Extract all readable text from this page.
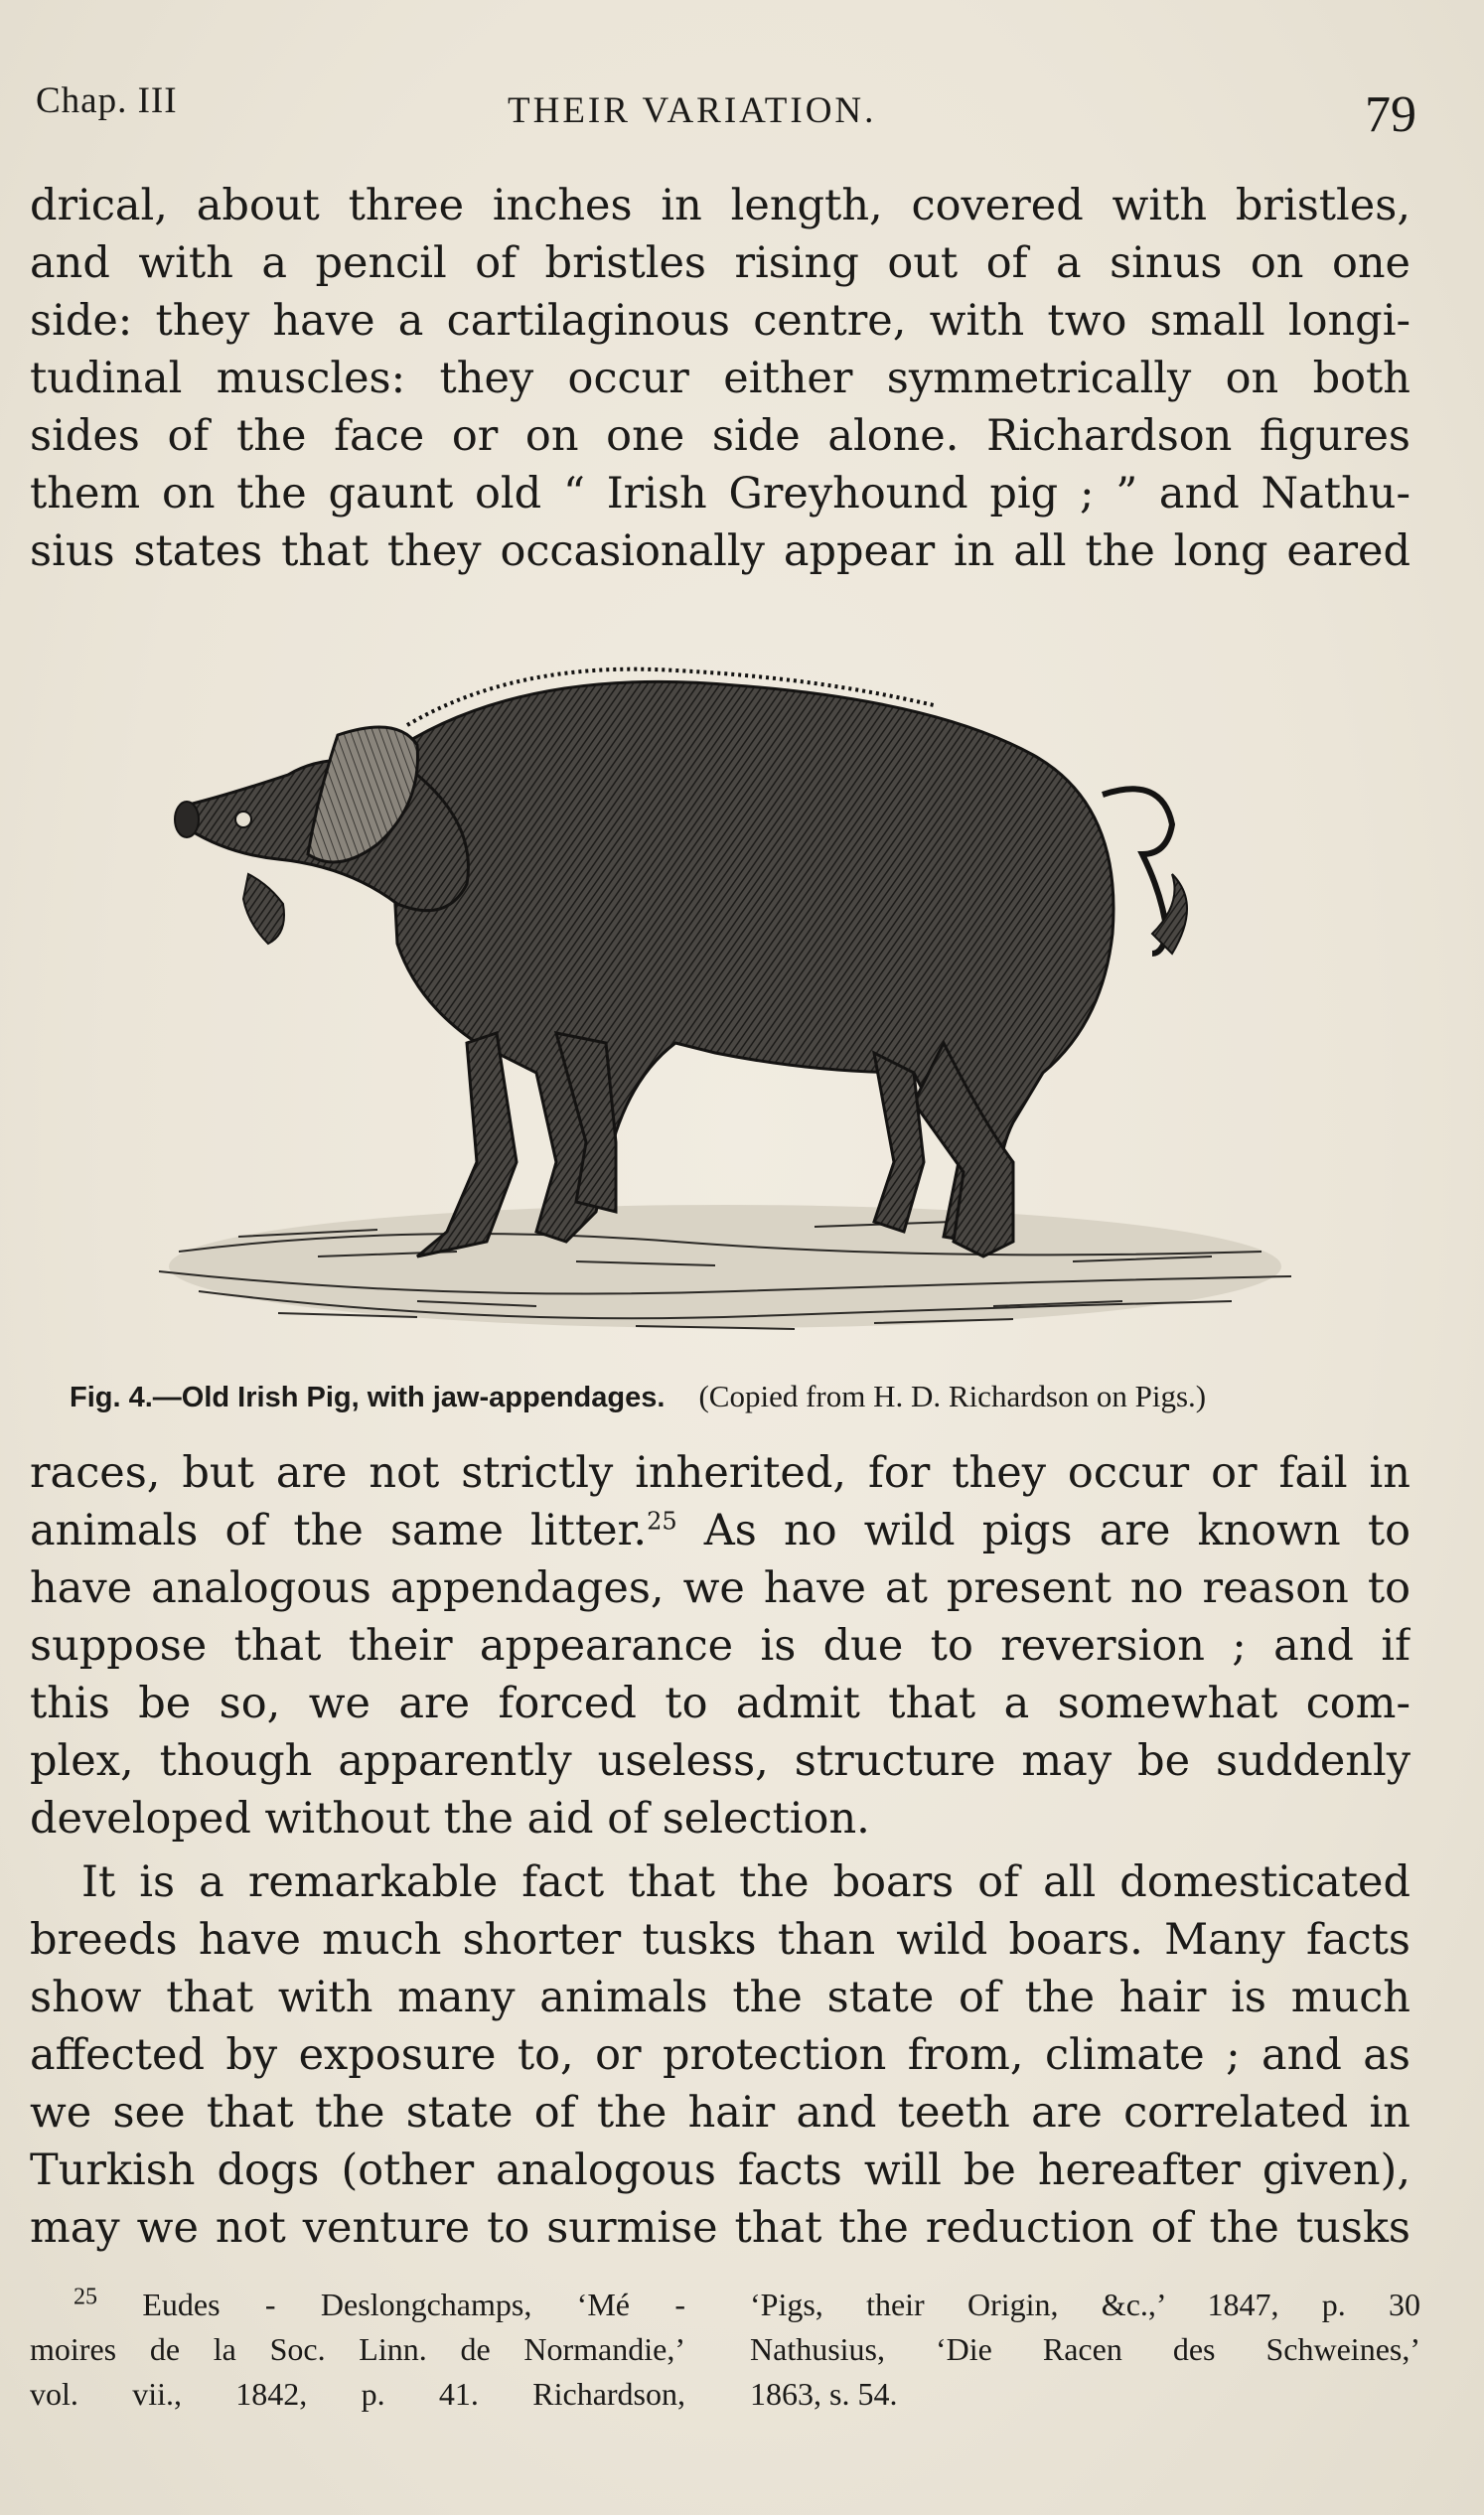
Chap. III	THEIR VARIATION.	79
drical, about three inches in length, covered with bristles,
and with a pencil of bristles rising out of a sinus on one
side: they have a cartilaginous centre, with two small longi-
tudinal muscles: they occur either symmetrically on both
sides of the face or on one side alone. Richardson figures
them on the gaunt old “ Irish Greyhound pig ; ” and Nathu-
sius states that they occasionally appear in all the long eared
Fig. 4.—Old Irish Pig, with jaw-appendages. (Copied from H. D. Richardson on Pigs.)
races, but are not strictly inherited, for they occur or fail in
animals of the same litter.$^{25}$ As no wild pigs are known to
have analogous appendages, we have at present no reason to
suppose that their appearance is due to reversion ; and if
this be so, we are forced to admit that a somewhat com-
plex, though apparently useless, structure may be suddenly
developed without the aid of selection.
It is a remarkable fact that the boars of all domesticated
breeds have much shorter tusks than wild boars. Many facts
show that with many animals the state of the hair is much
affected by exposure to, or protection from, climate ; and as
we see that the state of the hair and teeth are correlated in
Turkish dogs (other analogous facts will be hereafter given),
may we not venture to surmise that the reduction of the tusks
$^{25}$ Eudes - Deslongchamps, ‘Mé -
moires de la Soc. Linn. de Normandie,’
vol. vii., 1842, p. 41. Richardson,
‘Pigs, their Origin, &c.,’ 1847, p. 30
Nathusius, ‘Die Racen des Schweines,’
1863, s. 54.
